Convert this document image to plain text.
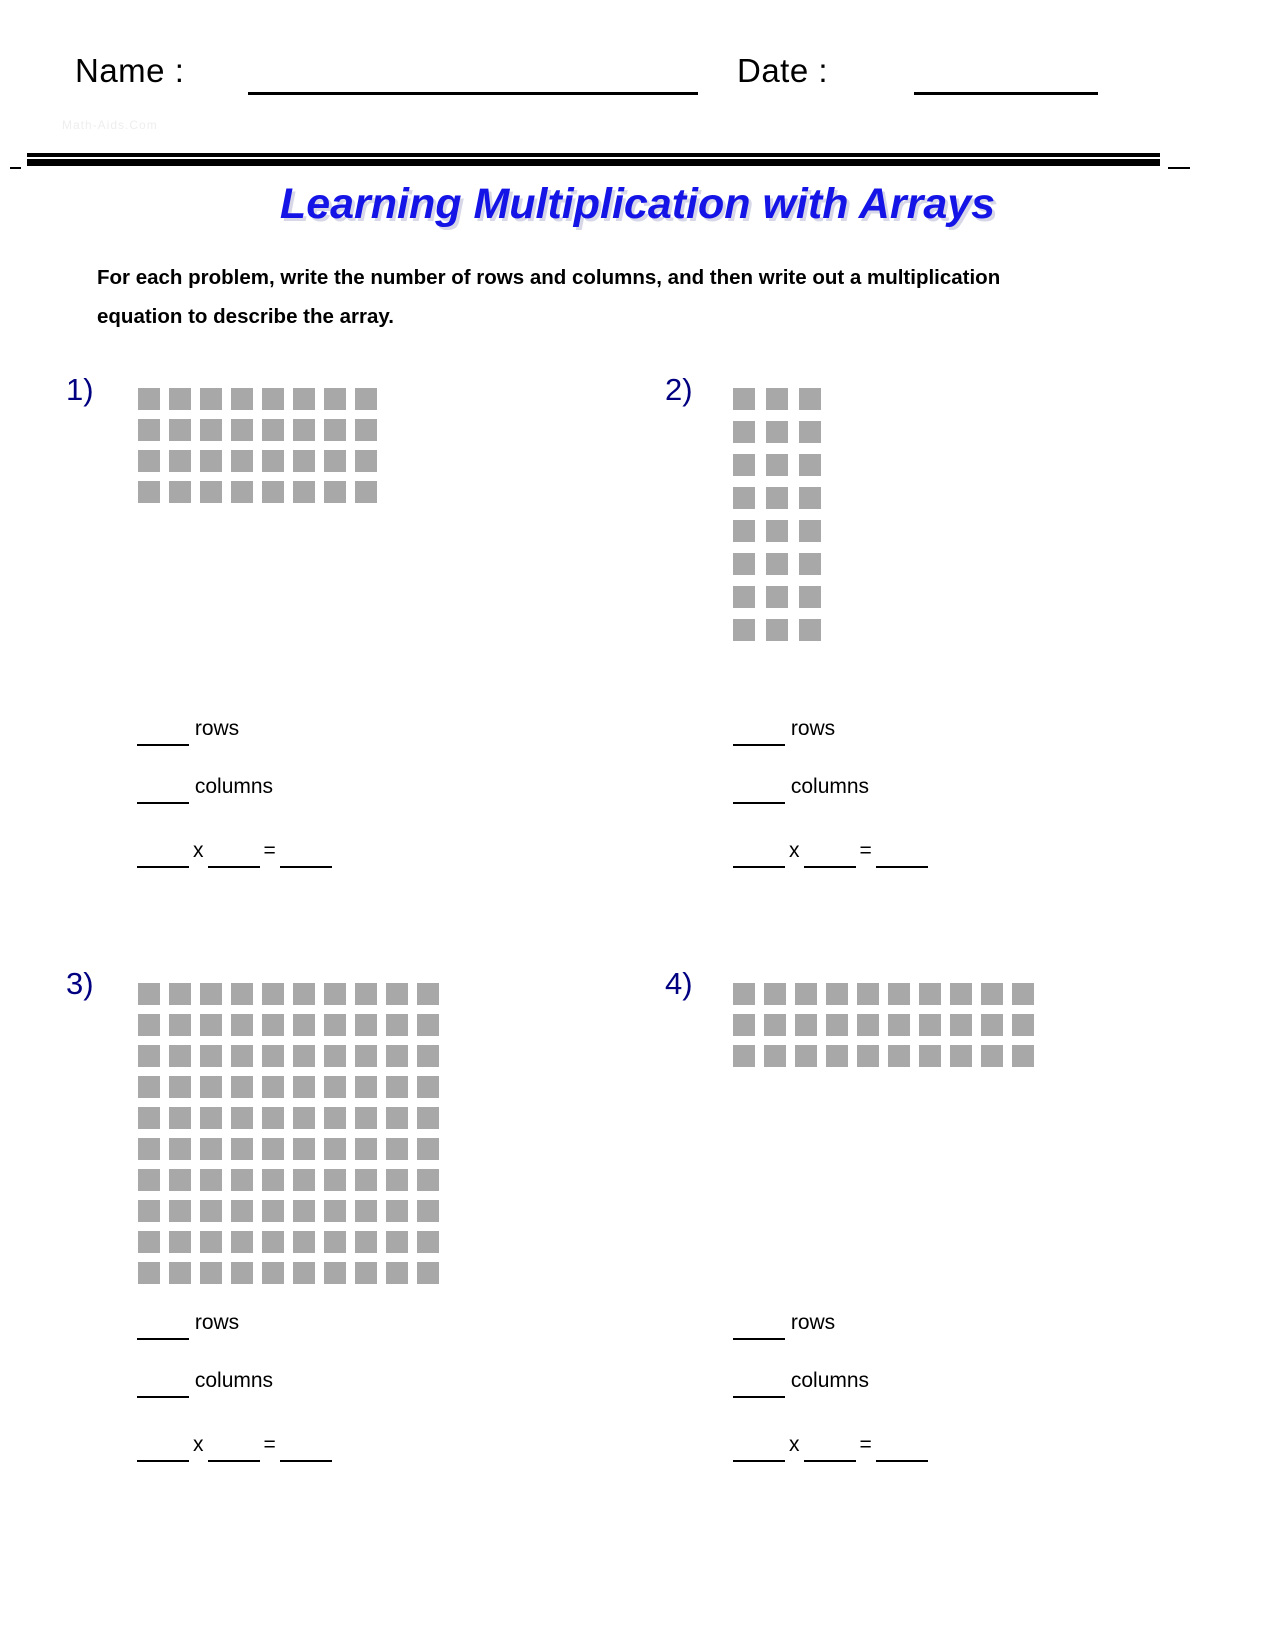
Name :	Date :
Math-Aids.Com
Learning Multiplication with Arrays
For each problem, write the number of rows and columns, and then write out a multiplication equation to describe the array.
1)
rows
columns
x	=
2)
rows
columns
x	=
3)
rows
columns
x	=
4)
rows
columns
x	=
